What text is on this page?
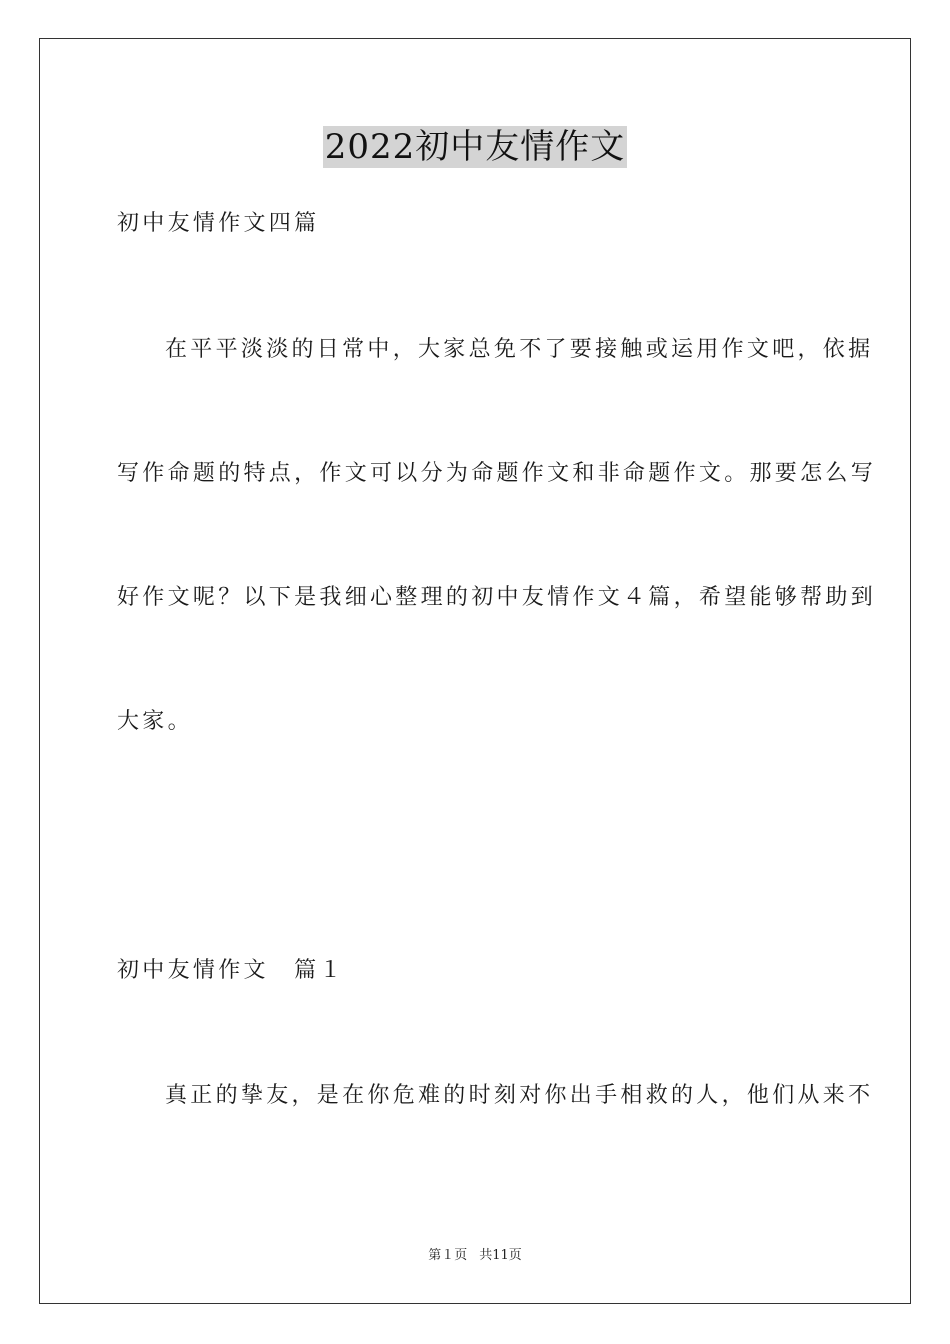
2022初中友情作文
初中友情作文四篇
在平平淡淡的日常中，大家总免不了要接触或运用作文吧，依据
写作命题的特点，作文可以分为命题作文和非命题作文。那要怎么写
好作文呢？以下是我细心整理的初中友情作文４篇，希望能够帮助到
大家。
初中友情作文　篇１
真正的挚友，是在你危难的时刻对你出手相救的人，他们从来不
第１页 共11页
